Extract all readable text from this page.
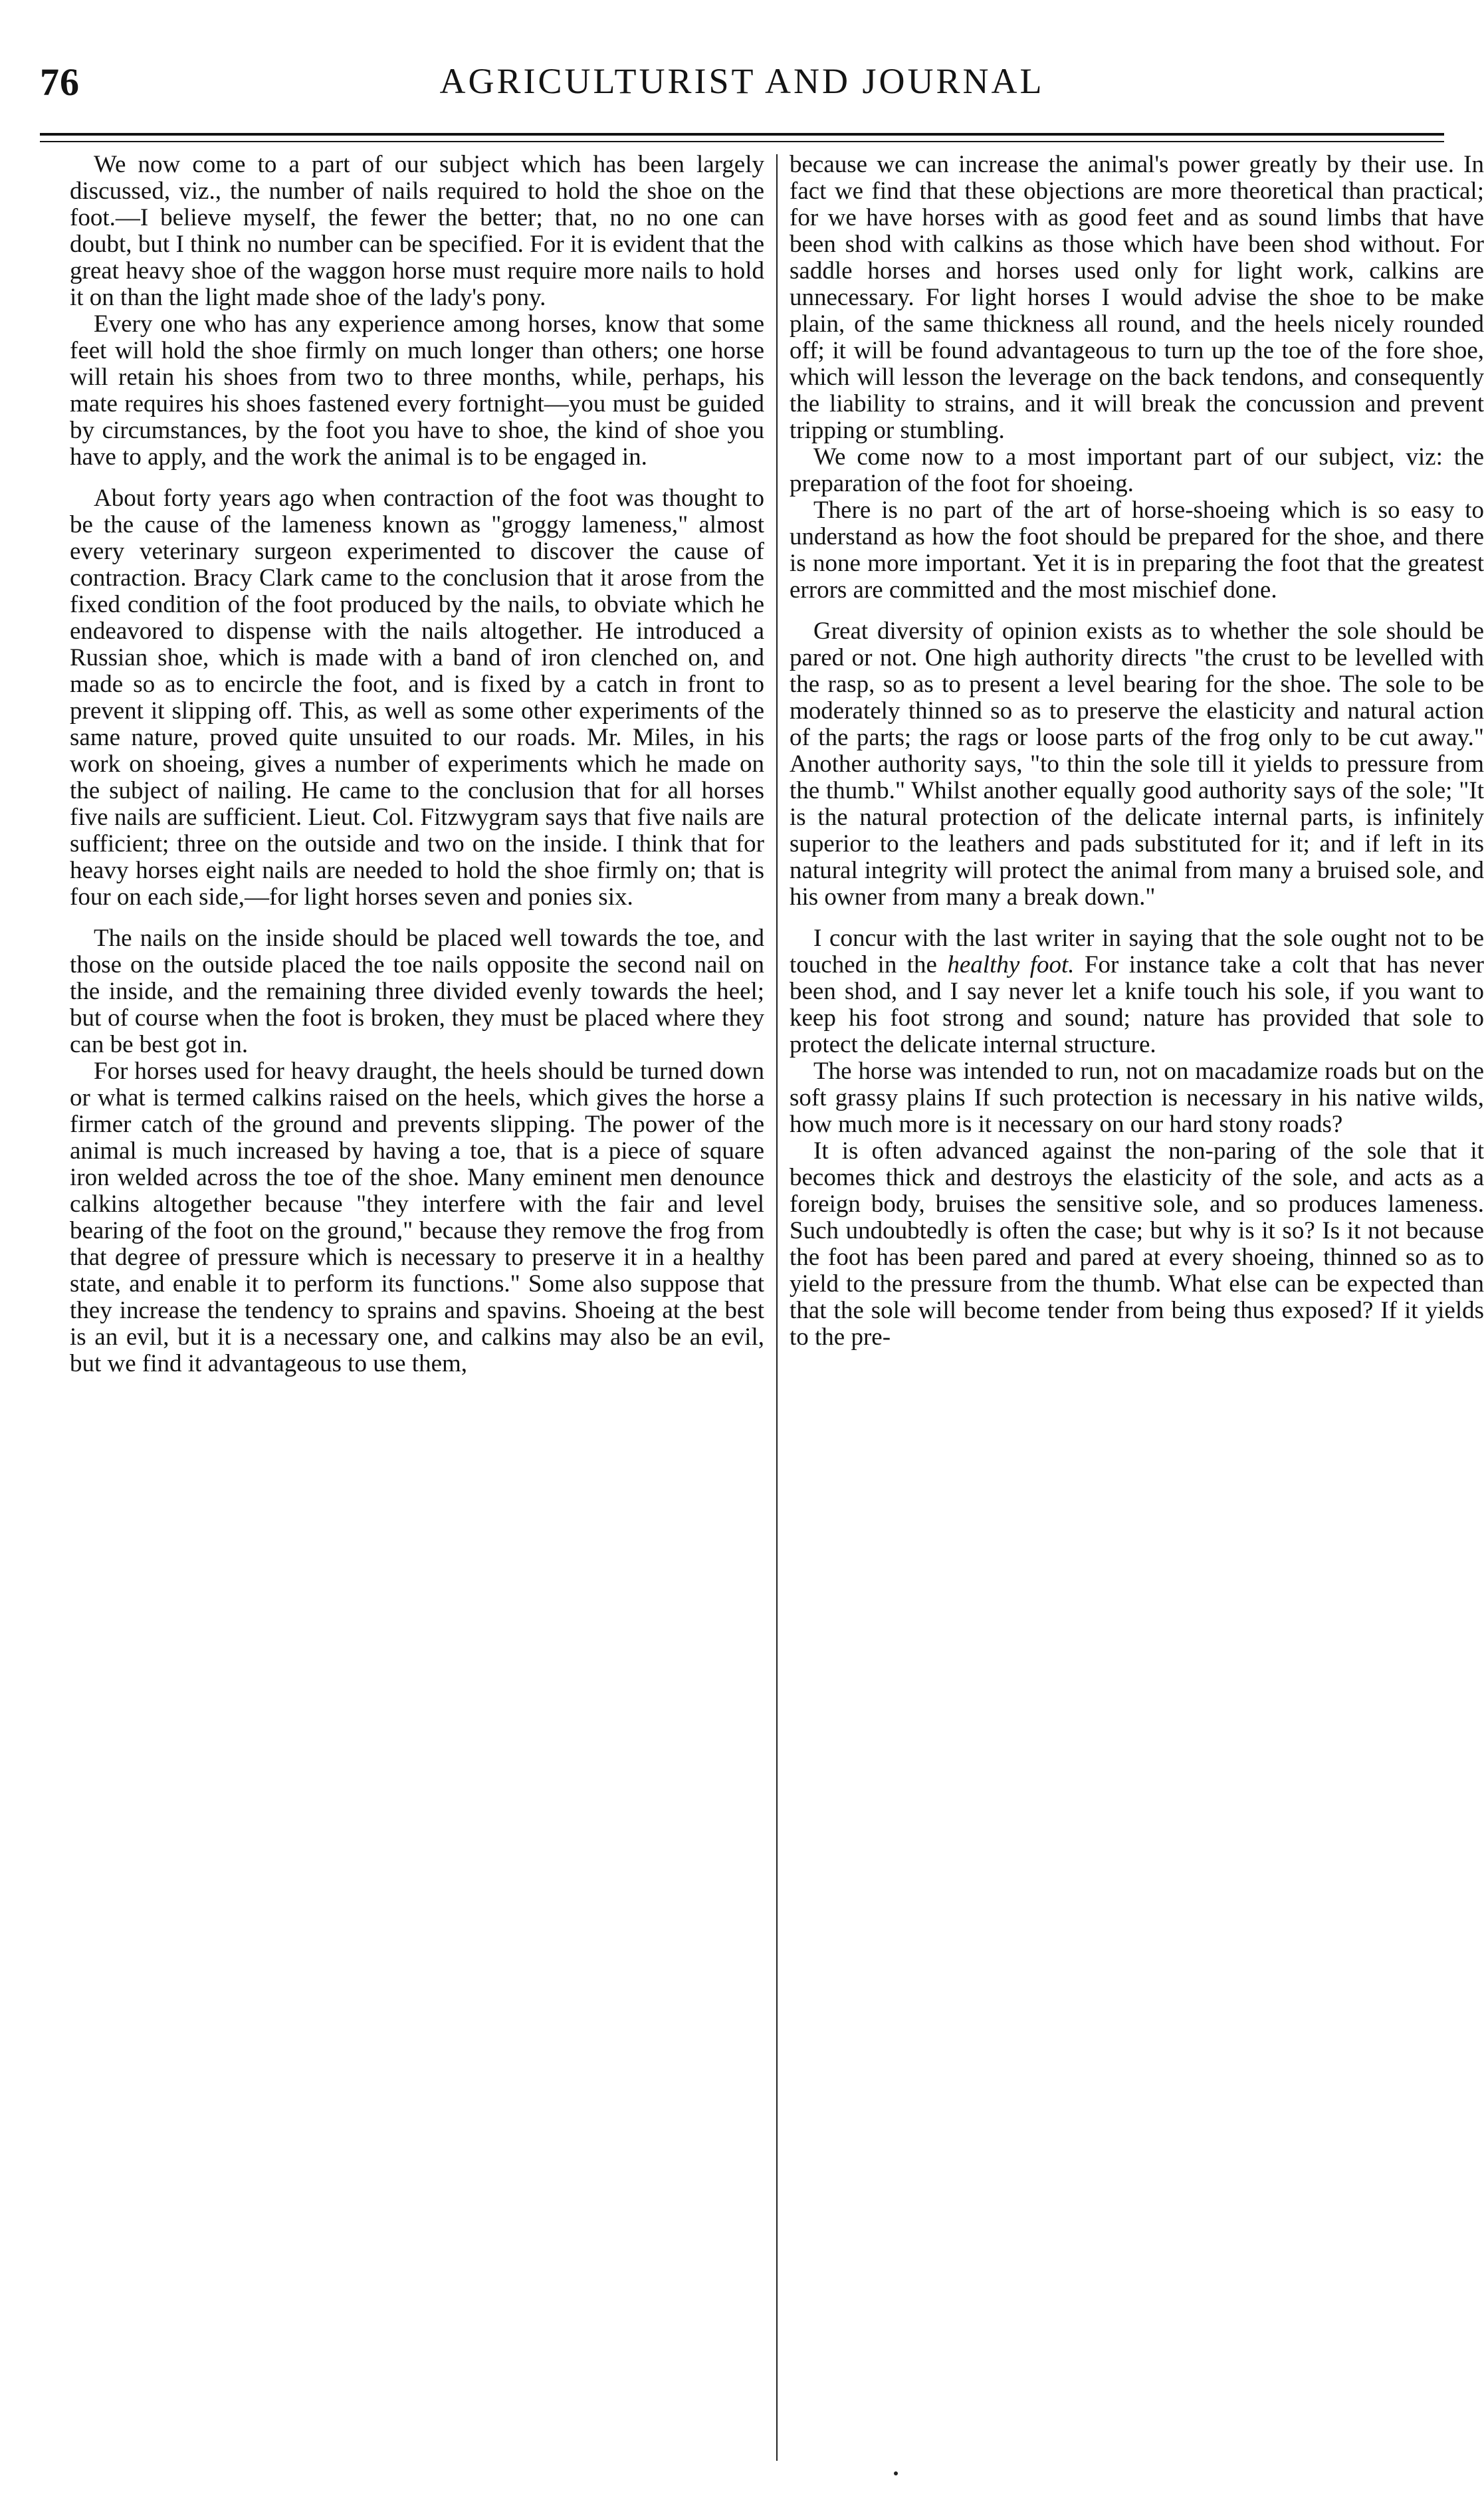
76	AGRICULTURIST AND JOURNAL

We now come to a part of our subject which has been largely discussed, viz., the number of nails required to hold the shoe on the foot.—I believe myself, the fewer the better; that, no no one can doubt, but I think no number can be specified. For it is evident that the great heavy shoe of the waggon horse must require more nails to hold it on than the light made shoe of the lady's pony.

Every one who has any experience among horses, know that some feet will hold the shoe firmly on much longer than others; one horse will retain his shoes from two to three months, while, perhaps, his mate requires his shoes fastened every fortnight—you must be guided by circumstances, by the foot you have to shoe, the kind of shoe you have to apply, and the work the animal is to be engaged in.

About forty years ago when contraction of the foot was thought to be the cause of the lameness known as "groggy lameness," almost every veterinary surgeon experimented to discover the cause of contraction. Bracy Clark came to the conclusion that it arose from the fixed condition of the foot produced by the nails, to obviate which he endeavored to dispense with the nails altogether. He introduced a Russian shoe, which is made with a band of iron clenched on, and made so as to encircle the foot, and is fixed by a catch in front to prevent it slipping off. This, as well as some other experiments of the same nature, proved quite unsuited to our roads. Mr. Miles, in his work on shoeing, gives a number of experiments which he made on the subject of nailing. He came to the conclusion that for all horses five nails are sufficient. Lieut. Col. Fitzwygram says that five nails are sufficient; three on the outside and two on the inside. I think that for heavy horses eight nails are needed to hold the shoe firmly on; that is four on each side,—for light horses seven and ponies six.

The nails on the inside should be placed well towards the toe, and those on the outside placed the toe nails opposite the second nail on the inside, and the remaining three divided evenly towards the heel; but of course when the foot is broken, they must be placed where they can be best got in.

For horses used for heavy draught, the heels should be turned down or what is termed calkins raised on the heels, which gives the horse a firmer catch of the ground and prevents slipping. The power of the animal is much increased by having a toe, that is a piece of square iron welded across the toe of the shoe. Many eminent men denounce calkins altogether because "they interfere with the fair and level bearing of the foot on the ground," because they remove the frog from that degree of pressure which is necessary to preserve it in a healthy state, and enable it to perform its functions." Some also suppose that they increase the tendency to sprains and spavins. Shoeing at the best is an evil, but it is a necessary one, and calkins may also be an evil, but we find it advantageous to use them,

because we can increase the animal's power greatly by their use. In fact we find that these objections are more theoretical than practical; for we have horses with as good feet and as sound limbs that have been shod with calkins as those which have been shod without. For saddle horses and horses used only for light work, calkins are unnecessary. For light horses I would advise the shoe to be make plain, of the same thickness all round, and the heels nicely rounded off; it will be found advantageous to turn up the toe of the fore shoe, which will lesson the leverage on the back tendons, and consequently the liability to strains, and it will break the concussion and prevent tripping or stumbling.

We come now to a most important part of our subject, viz: the preparation of the foot for shoeing.

There is no part of the art of horse-shoeing which is so easy to understand as how the foot should be prepared for the shoe, and there is none more important. Yet it is in preparing the foot that the greatest errors are committed and the most mischief done.

Great diversity of opinion exists as to whether the sole should be pared or not. One high authority directs "the crust to be levelled with the rasp, so as to present a level bearing for the shoe. The sole to be moderately thinned so as to preserve the elasticity and natural action of the parts; the rags or loose parts of the frog only to be cut away." Another authority says, "to thin the sole till it yields to pressure from the thumb." Whilst another equally good authority says of the sole; "It is the natural protection of the delicate internal parts, is infinitely superior to the leathers and pads substituted for it; and if left in its natural integrity will protect the animal from many a bruised sole, and his owner from many a break down."

I concur with the last writer in saying that the sole ought not to be touched in the healthy foot. For instance take a colt that has never been shod, and I say never let a knife touch his sole, if you want to keep his foot strong and sound; nature has provided that sole to protect the delicate internal structure.

The horse was intended to run, not on macadamize roads but on the soft grassy plains If such protection is necessary in his native wilds, how much more is it necessary on our hard stony roads?

It is often advanced against the non-paring of the sole that it becomes thick and destroys the elasticity of the sole, and acts as a foreign body, bruises the sensitive sole, and so produces lameness. Such undoubtedly is often the case; but why is it so? Is it not because the foot has been pared and pared at every shoeing, thinned so as to yield to the pressure from the thumb. What else can be expected than that the sole will become tender from being thus exposed? If it yields to the pre-
